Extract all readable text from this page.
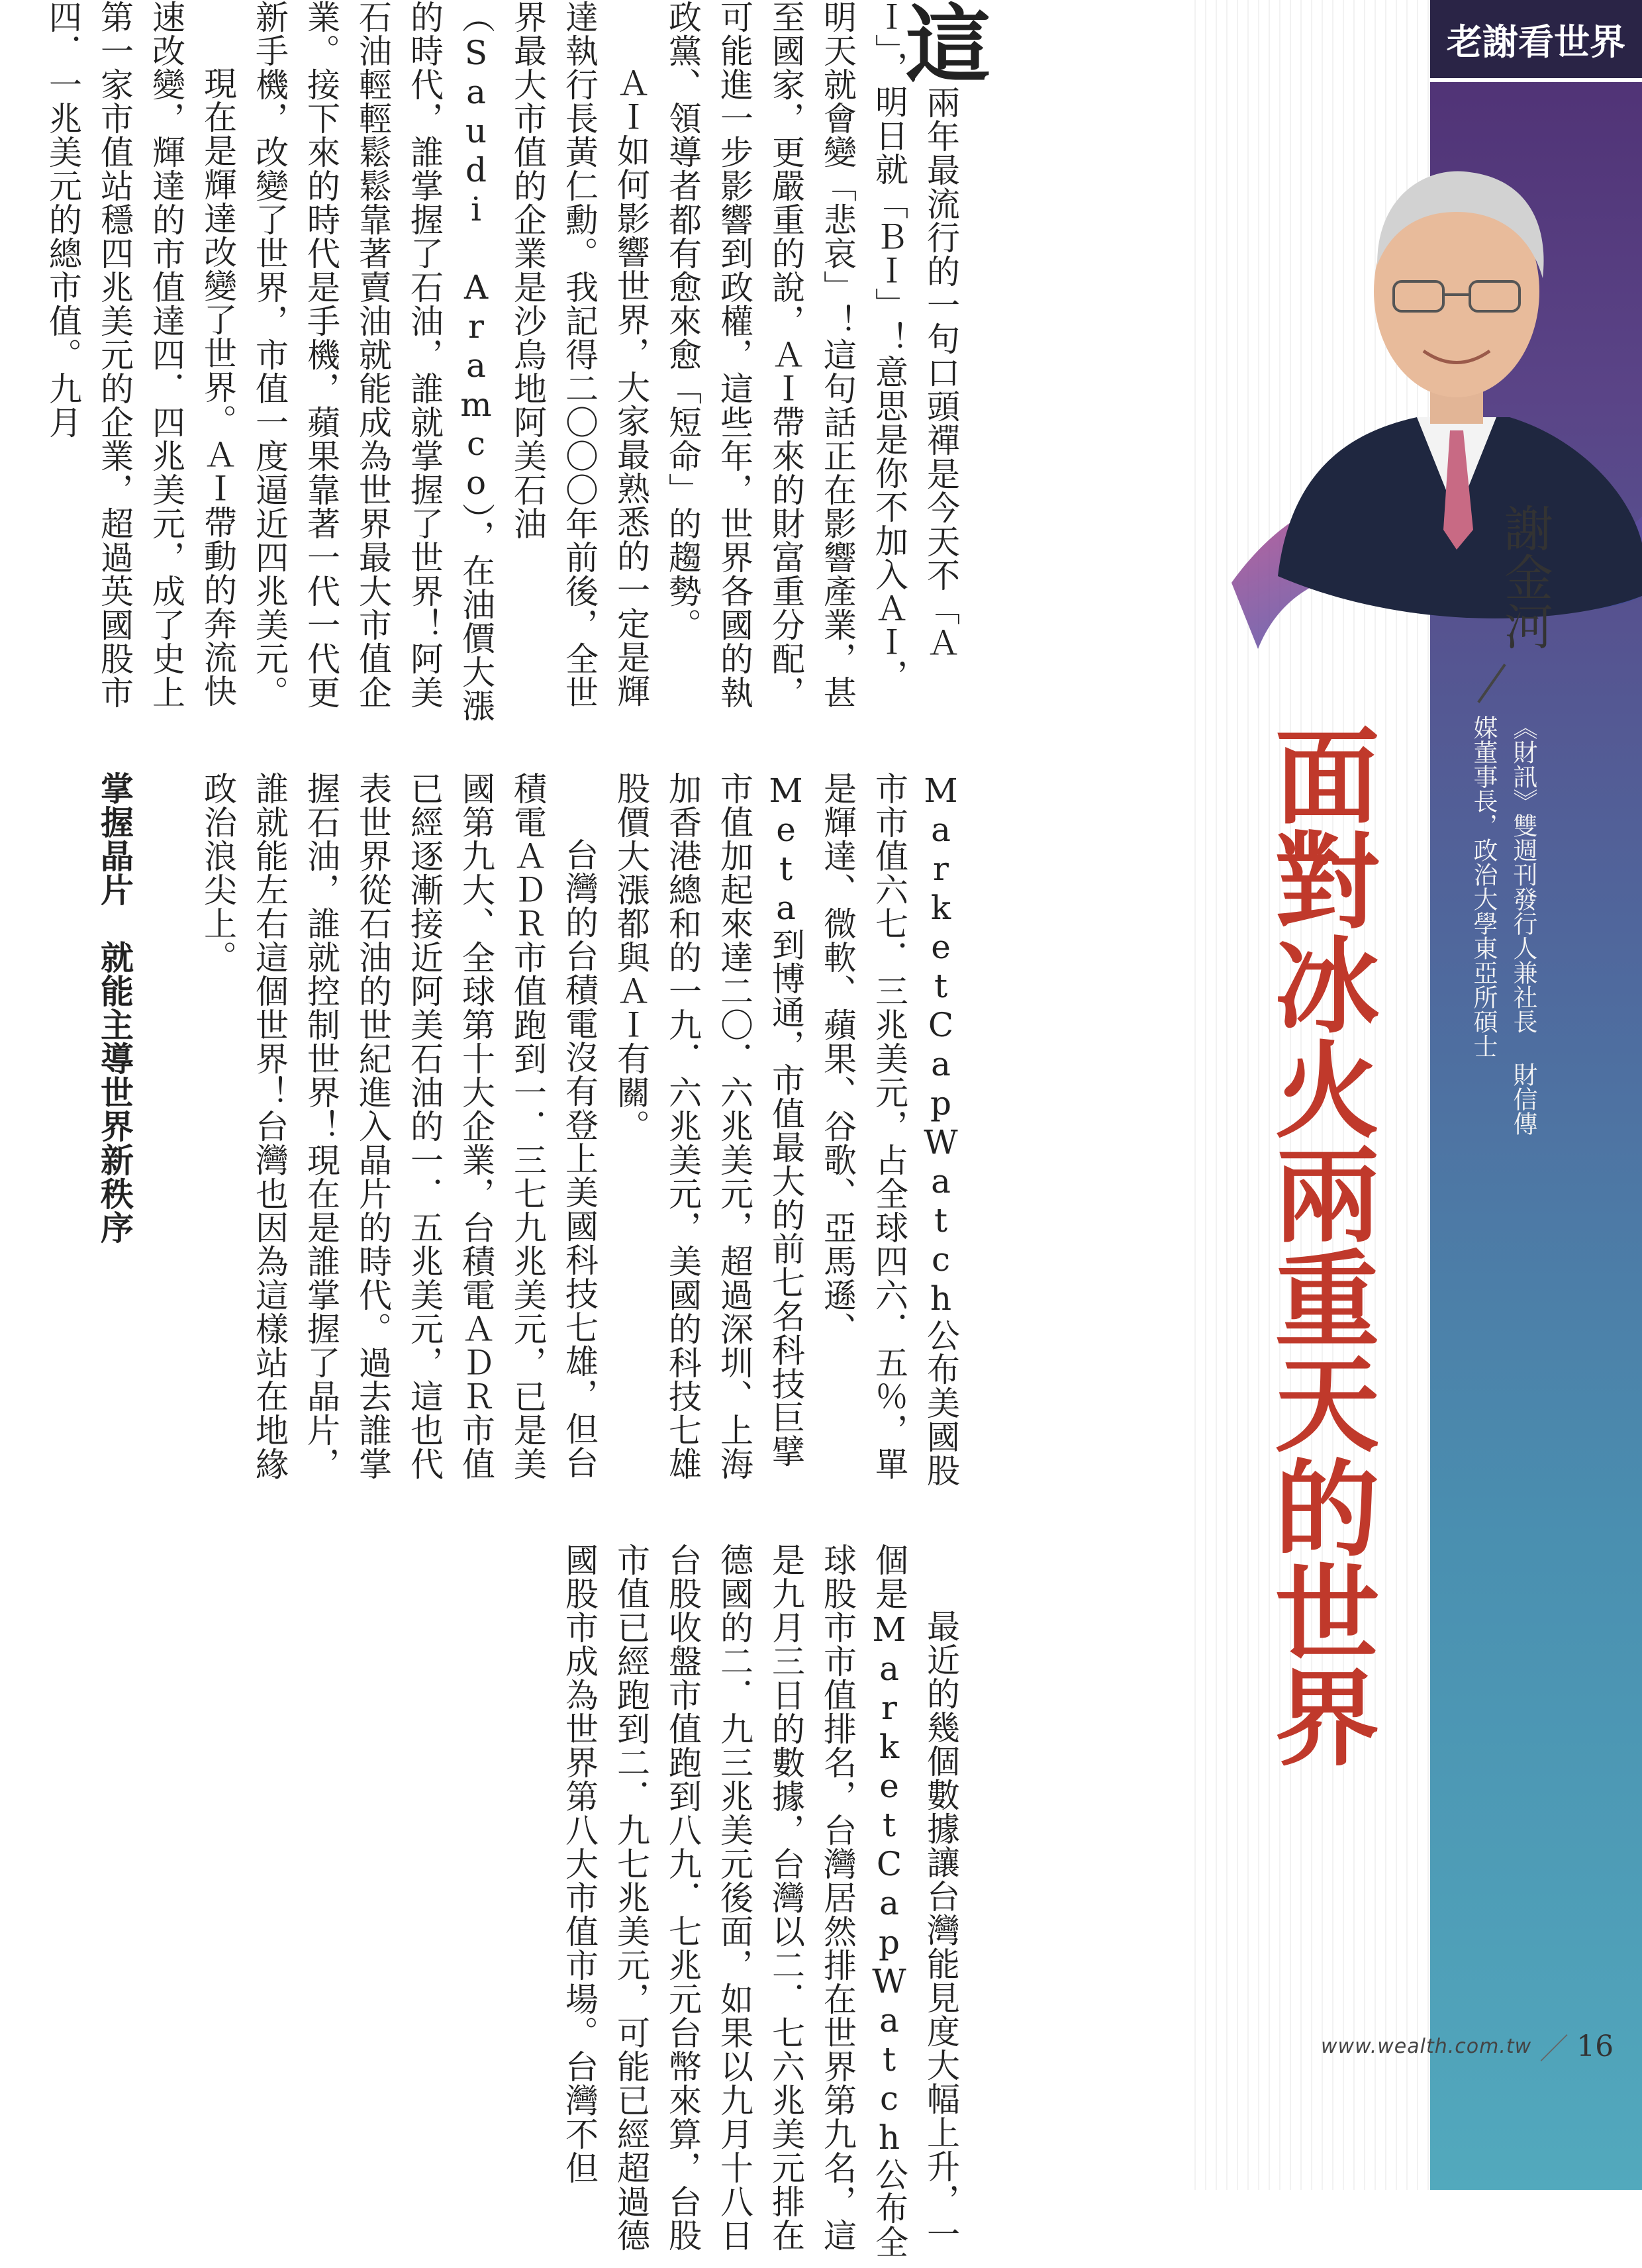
老謝看世界
謝金河
《財訊》雙週刊發行人兼社長 財信傳媒董事長，政治大學東亞所碩士
面對冰火兩重天的世界

這兩年最流行的一句口頭禪是今天不「ＡＩ」，明日就「ＢＩ」！意思是你不加入ＡＩ，明天就會變「悲哀」！這句話正在影響產業，甚至國家，更嚴重的說，ＡＩ帶來的財富重分配，可能進一步影響到政權，這些年，世界各國的執政黨、領導者都有愈來愈「短命」的趨勢。

ＡＩ如何影響世界，大家最熟悉的一定是輝達執行長黃仁勳。我記得二〇〇〇年前後，全世界最大市值的企業是沙烏地阿美石油（Saudi Aramco），在油價大漲的時代，誰掌握了石油，誰就掌握了世界！阿美石油輕輕鬆鬆靠著賣油就能成為世界最大市值企業。接下來的時代是手機，蘋果靠著一代一代更新手機，改變了世界，市值一度逼近四兆美元。

現在是輝達改變了世界。ＡＩ帶動的奔流快速改變，輝達的市值達四．四兆美元，成了史上第一家市值站穩四兆美元的企業，超過英國股市四．一兆美元的總市值。九月MarketCapWatch公布美國股市市值六七．三兆美元，占全球四六．五％，單是輝達、微軟、蘋果、谷歌、亞馬遜、Meta到博通，市值最大的前七名科技巨擘市值加起來達二〇．六兆美元，超過深圳、上海加香港總和的一九．六兆美元，美國的科技七雄股價大漲都與ＡＩ有關。

台灣的台積電沒有登上美國科技七雄，但台積電ＡＤＲ市值跑到一．三七九兆美元，已是美國第九大、全球第十大企業，台積電ＡＤＲ市值已經逐漸接近阿美石油的一．五兆美元，這也代表世界從石油的世紀進入晶片的時代。過去誰掌握石油，誰就控制世界！現在是誰掌握了晶片，誰就能左右這個世界！台灣也因為這樣站在地緣政治浪尖上。

掌握晶片　就能主導世界新秩序

最近的幾個數據讓台灣能見度大幅上升，一個是MarketCapWatch公布全球股市市值排名，台灣居然排在世界第九名，這是九月三日的數據，台灣以二．七六兆美元排在德國的二．九三兆美元後面，如果以九月十八日台股收盤市值跑到八九．七兆元台幣來算，台股市值已經跑到二．九七兆美元，可能已經超過德國股市成為世界第八大市值市場。台灣不但	www.wealth.com.tw ／ 16
